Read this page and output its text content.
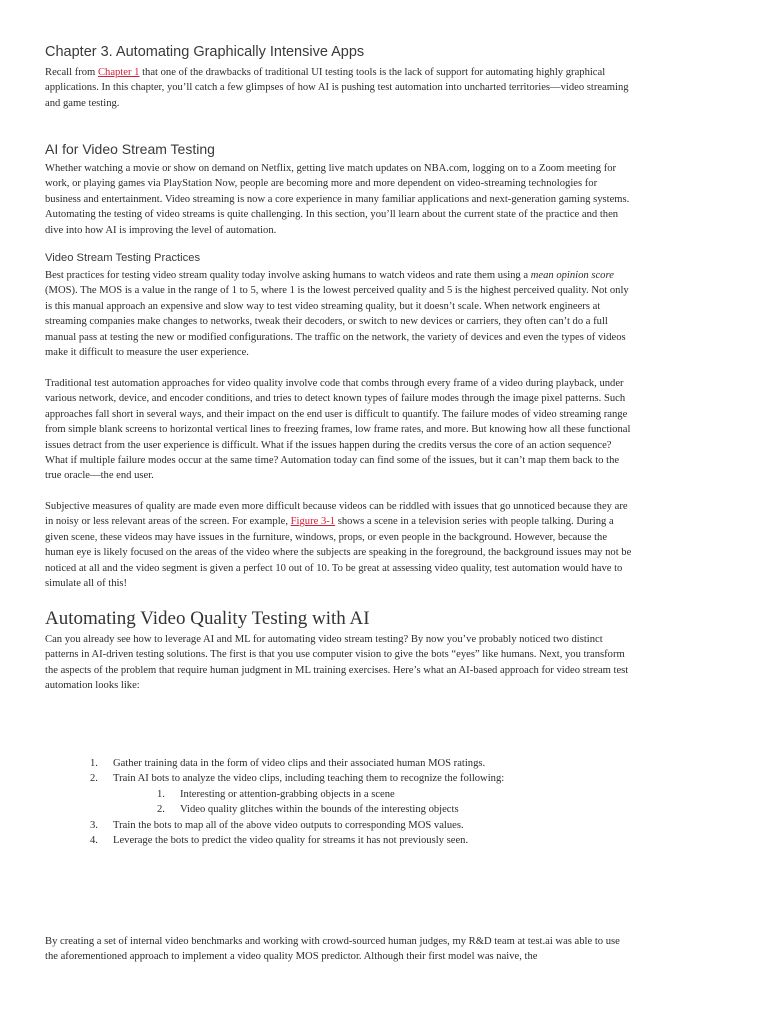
Chapter 3. Automating Graphically Intensive Apps

Recall from Chapter 1 that one of the drawbacks of traditional UI testing tools is the lack of support for automating highly graphical applications. In this chapter, you’ll catch a few glimpses of how AI is pushing test automation into uncharted territories—video streaming and game testing.

AI for Video Stream Testing

Whether watching a movie or show on demand on Netflix, getting live match updates on NBA.com, logging on to a Zoom meeting for work, or playing games via PlayStation Now, people are becoming more and more dependent on video-streaming technologies for business and entertainment. Video streaming is now a core experience in many familiar applications and next-generation gaming systems. Automating the testing of video streams is quite challenging. In this section, you’ll learn about the current state of the practice and then dive into how AI is improving the level of automation.

Video Stream Testing Practices

Best practices for testing video stream quality today involve asking humans to watch videos and rate them using a mean opinion score (MOS). The MOS is a value in the range of 1 to 5, where 1 is the lowest perceived quality and 5 is the highest perceived quality. Not only is this manual approach an expensive and slow way to test video streaming quality, but it doesn’t scale. When network engineers at streaming companies make changes to networks, tweak their decoders, or switch to new devices or carriers, they often can’t do a full manual pass at testing the new or modified configurations. The traffic on the network, the variety of devices and even the types of videos make it difficult to measure the user experience.

Traditional test automation approaches for video quality involve code that combs through every frame of a video during playback, under various network, device, and encoder conditions, and tries to detect known types of failure modes through the image pixel patterns. Such approaches fall short in several ways, and their impact on the end user is difficult to quantify. The failure modes of video streaming range from simple blank screens to horizontal vertical lines to freezing frames, low frame rates, and more. But knowing how all these functional issues detract from the user experience is difficult. What if the issues happen during the credits versus the core of an action sequence? What if multiple failure modes occur at the same time? Automation today can find some of the issues, but it can’t map them back to the true oracle—the end user.

Subjective measures of quality are made even more difficult because videos can be riddled with issues that go unnoticed because they are in noisy or less relevant areas of the screen. For example, Figure 3-1 shows a scene in a television series with people talking. During a given scene, these videos may have issues in the furniture, windows, props, or even people in the background. However, because the human eye is likely focused on the areas of the video where the subjects are speaking in the foreground, the background issues may not be noticed at all and the video segment is given a perfect 10 out of 10. To be great at assessing video quality, test automation would have to simulate all of this!

Automating Video Quality Testing with AI

Can you already see how to leverage AI and ML for automating video stream testing? By now you’ve probably noticed two distinct patterns in AI-driven testing solutions. The first is that you use computer vision to give the bots “eyes” like humans. Next, you transform the aspects of the problem that require human judgment in ML training exercises. Here’s what an AI-based approach for video stream test automation looks like:

1. Gather training data in the form of video clips and their associated human MOS ratings.
2. Train AI bots to analyze the video clips, including teaching them to recognize the following:
1. Interesting or attention-grabbing objects in a scene
2. Video quality glitches within the bounds of the interesting objects
3. Train the bots to map all of the above video outputs to corresponding MOS values.
4. Leverage the bots to predict the video quality for streams it has not previously seen.

By creating a set of internal video benchmarks and working with crowd-sourced human judges, my R&D team at test.ai was able to use the aforementioned approach to implement a video quality MOS predictor. Although their first model was naive, the
